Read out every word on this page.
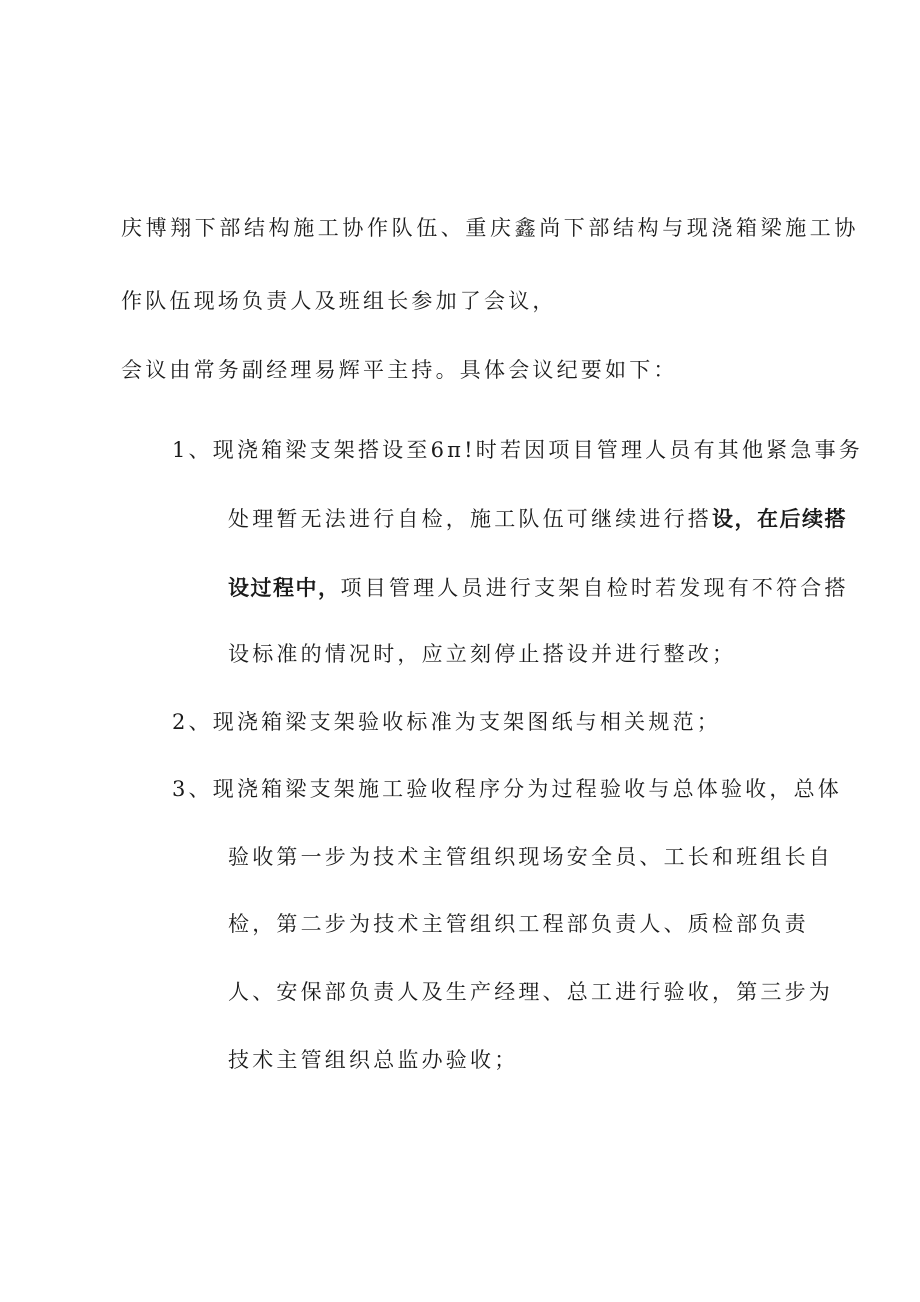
庆博翔下部结构施工协作队伍、重庆鑫尚下部结构与现浇箱梁施工协
作队伍现场负责人及班组长参加了会议，
会议由常务副经理易辉平主持。具体会议纪要如下：
1、现浇箱梁支架搭设至6π!时若因项目管理人员有其他紧急事务
处理暂无法进行自检，施工队伍可继续进行搭设，在后续搭
设过程中，项目管理人员进行支架自检时若发现有不符合搭
设标准的情况时，应立刻停止搭设并进行整改；
2、现浇箱梁支架验收标准为支架图纸与相关规范；
3、现浇箱梁支架施工验收程序分为过程验收与总体验收，总体
验收第一步为技术主管组织现场安全员、工长和班组长自
检，第二步为技术主管组织工程部负责人、质检部负责
人、安保部负责人及生产经理、总工进行验收，第三步为
技术主管组织总监办验收；
